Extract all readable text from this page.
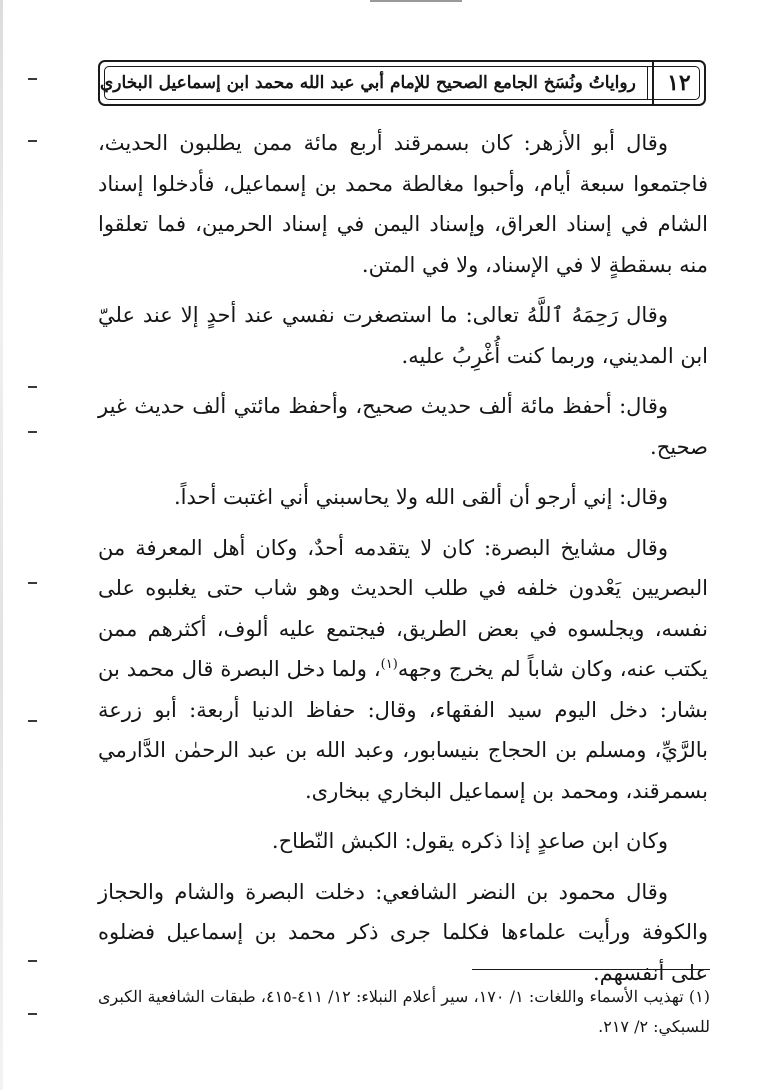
١٢
رواياتُ ونُسَخ الجامع الصحيح للإمام أبي عبد الله محمد ابن إسماعيل البخاري

وقال أبو الأزهر: كان بسمرقند أربع مائة ممن يطلبون الحديث، فاجتمعوا سبعة أيام، وأحبوا مغالطة محمد بن إسماعيل، فأدخلوا إسناد الشام في إسناد العراق، وإسناد اليمن في إسناد الحرمين، فما تعلقوا منه بسقطةٍ لا في الإسناد، ولا في المتن.

وقال رَحِمَهُ ٱللَّهُ تعالى: ما استصغرت نفسي عند أحدٍ إلا عند عليّ ابن المديني، وربما كنت أُغْرِبُ عليه.

وقال: أحفظ مائة ألف حديث صحيح، وأحفظ مائتي ألف حديث غير صحيح.

وقال: إني أرجو أن ألقى الله ولا يحاسبني أني اغتبت أحداً.

وقال مشايخ البصرة: كان لا يتقدمه أحدٌ، وكان أهل المعرفة من البصريين يَعْدون خلفه في طلب الحديث وهو شاب حتى يغلبوه على نفسه، ويجلسوه في بعض الطريق، فيجتمع عليه ألوف، أكثرهم ممن يكتب عنه، وكان شاباً لم يخرج وجهه$^{(١)}$، ولما دخل البصرة قال محمد بن بشار: دخل اليوم سيد الفقهاء، وقال: حفاظ الدنيا أربعة: أبو زرعة بالرَّيِّ، ومسلم بن الحجاج بنيسابور، وعبد الله بن عبد الرحمٰن الدَّارمي بسمرقند، ومحمد بن إسماعيل البخاري ببخارى.

وكان ابن صاعدٍ إذا ذكره يقول: الكبش النّطاح.

وقال محمود بن النضر الشافعي: دخلت البصرة والشام والحجاز والكوفة ورأيت علماءها فكلما جرى ذكر محمد بن إسماعيل فضلوه على أنفسهم.

(١) تهذيب الأسماء واللغات: ١/ ١٧٠، سير أعلام النبلاء: ١٢/ ٤١١-٤١٥، طبقات الشافعية الكبرى للسبكي: ٢/ ٢١٧.
